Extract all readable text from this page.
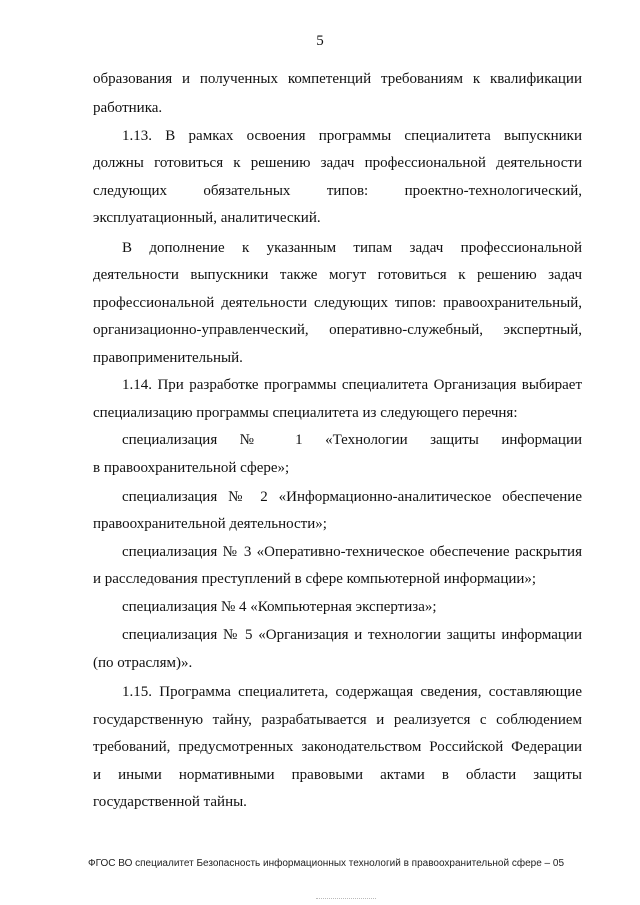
5
образования и полученных компетенций требованиям к квалификации
работника.
1.13. В рамках освоения программы специалитета выпускники
должны готовиться к решению задач профессиональной деятельности
следующих обязательных типов: проектно-технологический,
эксплуатационный, аналитический.
В дополнение к указанным типам задач профессиональной
деятельности выпускники также могут готовиться к решению задач
профессиональной деятельности следующих типов: правоохранительный,
организационно-управленческий, оперативно-служебный, экспертный,
правоприменительный.
1.14. При разработке программы специалитета Организация выбирает
специализацию программы специалитета из следующего перечня:
специализация № 1 «Технологии защиты информации
в правоохранительной сфере»;
специализация № 2 «Информационно-аналитическое обеспечение
правоохранительной деятельности»;
специализация № 3 «Оперативно-техническое обеспечение раскрытия
и расследования преступлений в сфере компьютерной информации»;
специализация № 4 «Компьютерная экспертиза»;
специализация № 5 «Организация и технологии защиты информации
(по отраслям)».
1.15. Программа специалитета, содержащая сведения, составляющие
государственную тайну, разрабатывается и реализуется с соблюдением
требований, предусмотренных законодательством Российской Федерации
и иными нормативными правовыми актами в области защиты
государственной тайны.
ФГОС ВО специалитет Безопасность информационных технологий в правоохранительной сфере – 05
